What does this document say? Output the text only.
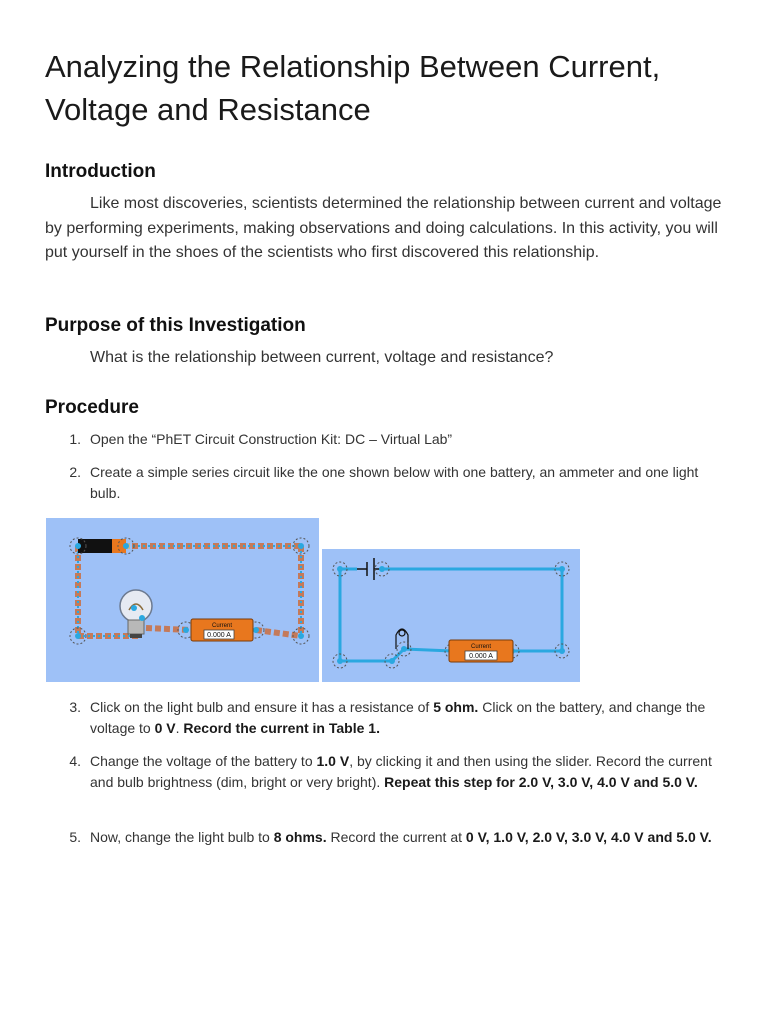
Analyzing the Relationship Between Current, Voltage and Resistance
Introduction

Like most discoveries, scientists determined the relationship between current and voltage by performing experiments, making observations and doing calculations. In this activity, you will put yourself in the shoes of the scientists who first discovered this relationship.

Purpose of this Investigation

What is the relationship between current, voltage and resistance?

Procedure
1. Open the “PhET Circuit Construction Kit: DC – Virtual Lab”
2. Create a simple series circuit like the one shown below with one battery, an ammeter and one light bulb.
Current
0.000 A
Current
0.000 A
3. Click on the light bulb and ensure it has a resistance of 5 ohm. Click on the battery, and change the voltage to 0 V. Record the current in Table 1.
4. Change the voltage of the battery to 1.0 V, by clicking it and then using the slider. Record the current and bulb brightness (dim, bright or very bright). Repeat this step for 2.0 V, 3.0 V, 4.0 V and 5.0 V.
5. Now, change the light bulb to 8 ohms. Record the current at 0 V, 1.0 V, 2.0 V, 3.0 V, 4.0 V and 5.0 V.
